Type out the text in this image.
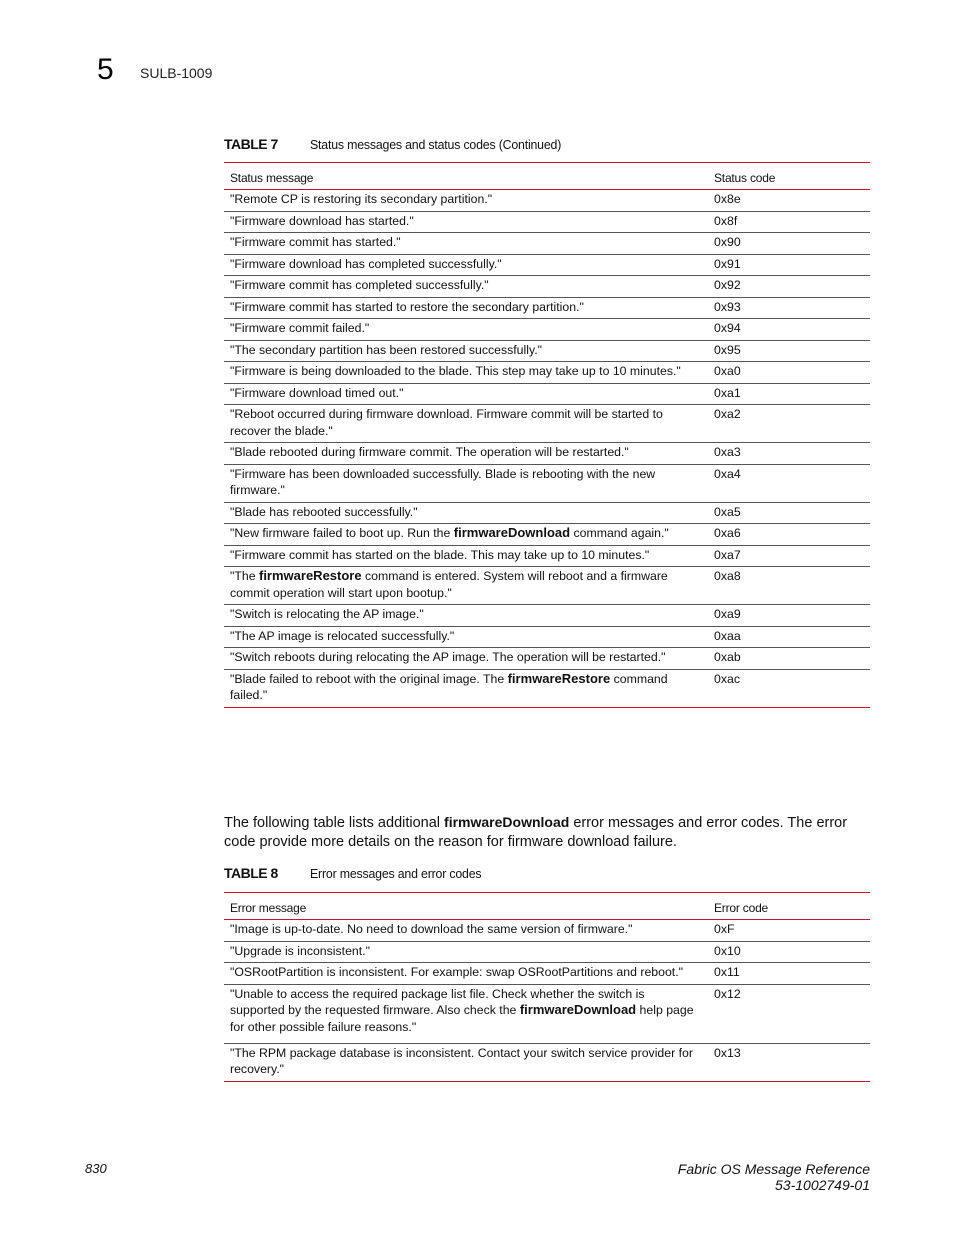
5 SULB-1009
TABLE 7	Status messages and status codes (Continued)
Status message	Status code
"Remote CP is restoring its secondary partition."	0x8e
"Firmware download has started."	0x8f
"Firmware commit has started."	0x90
"Firmware download has completed successfully."	0x91
"Firmware commit has completed successfully."	0x92
"Firmware commit has started to restore the secondary partition."	0x93
"Firmware commit failed."	0x94
"The secondary partition has been restored successfully."	0x95
"Firmware is being downloaded to the blade. This step may take up to 10 minutes."	0xa0
"Firmware download timed out."	0xa1
"Reboot occurred during firmware download. Firmware commit will be started to recover the blade."	0xa2
"Blade rebooted during firmware commit. The operation will be restarted."	0xa3
"Firmware has been downloaded successfully. Blade is rebooting with the new firmware."	0xa4
"Blade has rebooted successfully."	0xa5
"New firmware failed to boot up. Run the firmwareDownload command again."	0xa6
"Firmware commit has started on the blade. This may take up to 10 minutes."	0xa7
"The firmwareRestore command is entered. System will reboot and a firmware commit operation will start upon bootup."	0xa8
"Switch is relocating the AP image."	0xa9
"The AP image is relocated successfully."	0xaa
"Switch reboots during relocating the AP image. The operation will be restarted."	0xab
"Blade failed to reboot with the original image. The firmwareRestore command failed."	0xac
The following table lists additional firmwareDownload error messages and error codes. The error code provide more details on the reason for firmware download failure.
TABLE 8	Error messages and error codes
Error message	Error code
"Image is up-to-date. No need to download the same version of firmware."	0xF
"Upgrade is inconsistent."	0x10
"OSRootPartition is inconsistent. For example: swap OSRootPartitions and reboot."	0x11
"Unable to access the required package list file. Check whether the switch is supported by the requested firmware. Also check the firmwareDownload help page for other possible failure reasons."	0x12
"The RPM package database is inconsistent. Contact your switch service provider for recovery."	0x13
830	Fabric OS Message Reference
53-1002749-01
